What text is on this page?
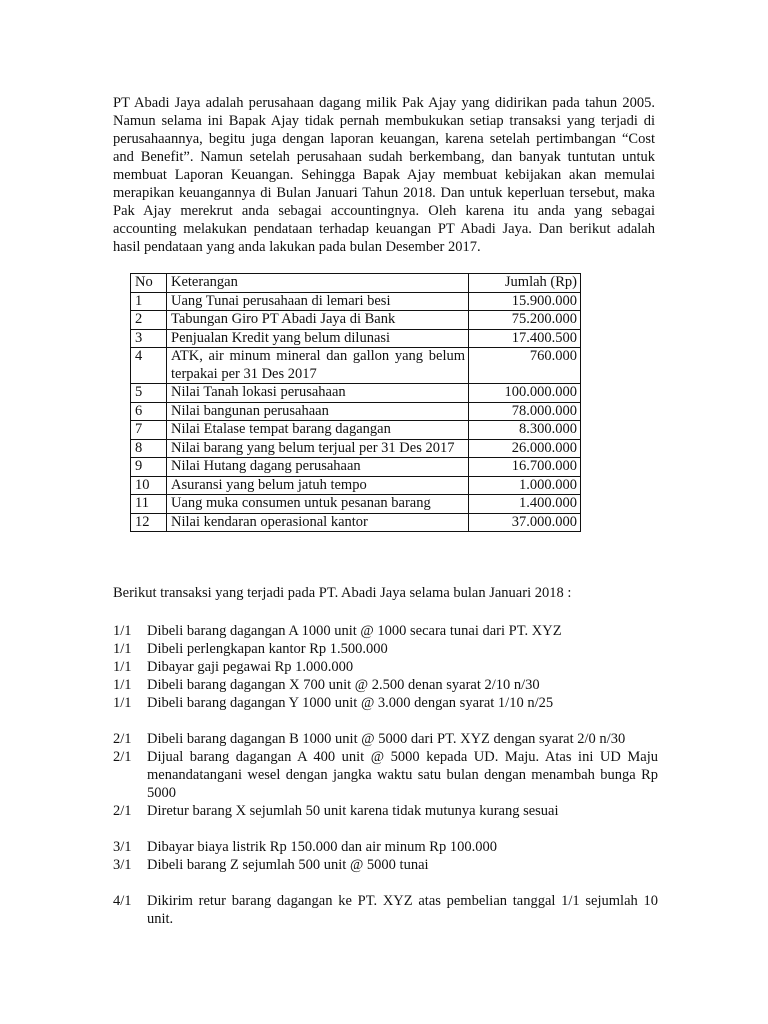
PT Abadi Jaya adalah perusahaan dagang milik Pak Ajay yang didirikan pada tahun 2005. Namun selama ini Bapak Ajay tidak pernah membukukan setiap transaksi yang terjadi di perusahaannya, begitu juga dengan laporan keuangan, karena setelah pertimbangan “Cost and Benefit”. Namun setelah perusahaan sudah berkembang, dan banyak tuntutan untuk membuat Laporan Keuangan. Sehingga Bapak Ajay membuat kebijakan akan memulai merapikan keuangannya di Bulan Januari Tahun 2018. Dan untuk keperluan tersebut, maka Pak Ajay merekrut anda sebagai accountingnya. Oleh karena itu anda yang sebagai accounting melakukan pendataan terhadap keuangan PT Abadi Jaya. Dan berikut adalah hasil pendataan yang anda lakukan pada bulan Desember 2017.

No	Keterangan	Jumlah (Rp)
1	Uang Tunai perusahaan di lemari besi	15.900.000
2	Tabungan Giro PT Abadi Jaya di Bank	75.200.000
3	Penjualan Kredit yang belum dilunasi	17.400.500
4	ATK, air minum mineral dan gallon yang belum terpakai per 31 Des 2017	760.000
5	Nilai Tanah lokasi perusahaan	100.000.000
6	Nilai bangunan perusahaan	78.000.000
7	Nilai Etalase tempat barang dagangan	8.300.000
8	Nilai barang yang belum terjual per 31 Des 2017	26.000.000
9	Nilai Hutang dagang perusahaan	16.700.000
10	Asuransi yang belum jatuh tempo	1.000.000
11	Uang muka consumen untuk pesanan barang	1.400.000
12	Nilai kendaran operasional kantor	37.000.000

Berikut transaksi yang terjadi pada PT. Abadi Jaya selama bulan Januari 2018 :

1/1	Dibeli barang dagangan A 1000 unit @ 1000 secara tunai dari PT. XYZ
1/1	Dibeli perlengkapan kantor Rp 1.500.000
1/1	Dibayar gaji pegawai Rp 1.000.000
1/1	Dibeli barang dagangan X 700 unit @ 2.500 denan syarat 2/10 n/30
1/1	Dibeli barang dagangan Y 1000 unit @ 3.000 dengan syarat 1/10 n/25
2/1	Dibeli barang dagangan B 1000 unit @ 5000 dari PT. XYZ dengan syarat 2/0 n/30
2/1	Dijual barang dagangan A 400 unit @ 5000 kepada UD. Maju. Atas ini UD Maju menandatangani wesel dengan jangka waktu satu bulan dengan menambah bunga Rp 5000
2/1	Diretur barang X sejumlah 50 unit karena tidak mutunya kurang sesuai
3/1	Dibayar biaya listrik Rp 150.000 dan air minum Rp 100.000
3/1	Dibeli barang Z sejumlah 500 unit @ 5000 tunai
4/1	Dikirim retur barang dagangan ke PT. XYZ atas pembelian tanggal 1/1 sejumlah 10 unit.
